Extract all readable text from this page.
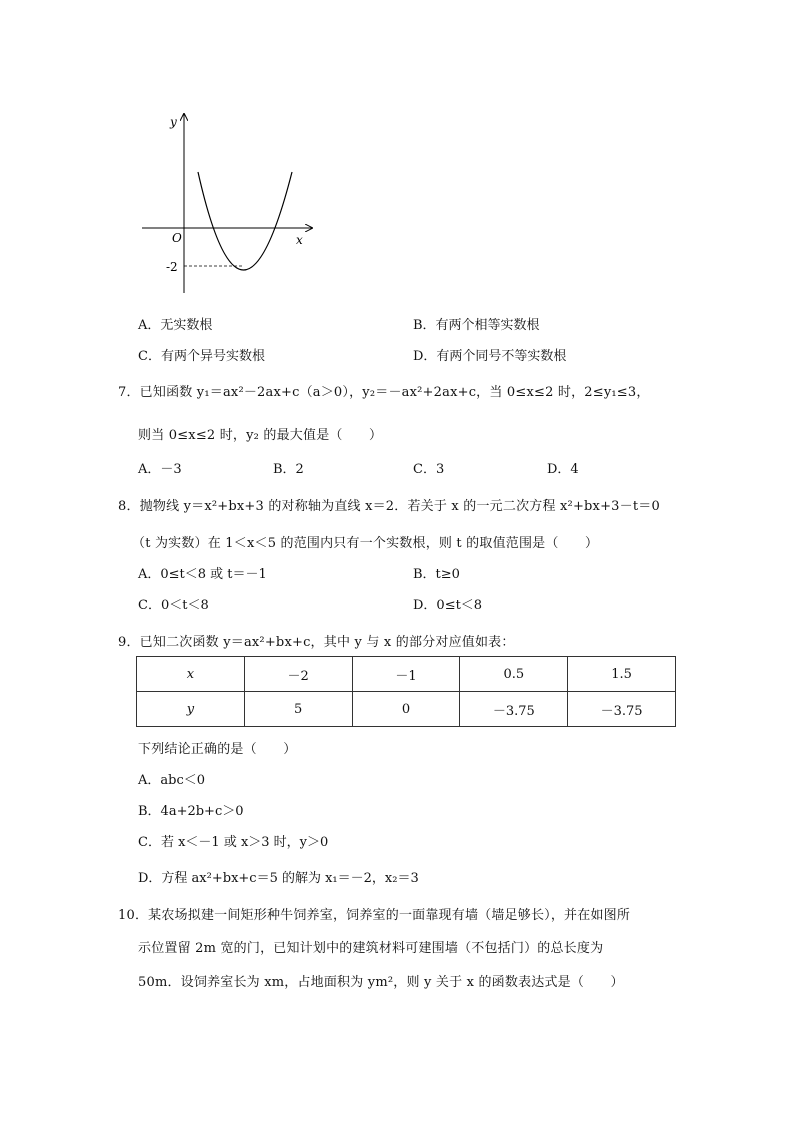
y
x
O
-2
A．无实数根	B．有两个相等实数根
C．有两个异号实数根	D．有两个同号不等实数根
7．已知函数 y₁＝ax²－2ax+c（a＞0），y₂＝－ax²+2ax+c，当 0≤x≤2 时，2≤y₁≤3，
则当 0≤x≤2 时，y₂ 的最大值是（　　）
A．－3	B．2	C．3	D．4
8．抛物线 y＝x²+bx+3 的对称轴为直线 x＝2．若关于 x 的一元二次方程 x²+bx+3－t＝0
（t 为实数）在 1＜x＜5 的范围内只有一个实数根，则 t 的取值范围是（　　）
A．0≤t＜8 或 t＝－1	B．t≥0
C．0＜t＜8	D．0≤t＜8
9．已知二次函数 y＝ax²+bx+c，其中 y 与 x 的部分对应值如表：
x	－2	－1	0.5	1.5
y	5	0	－3.75	－3.75
下列结论正确的是（　　）
A．abc＜0
B．4a+2b+c＞0
C．若 x＜－1 或 x＞3 时，y＞0
D．方程 ax²+bx+c＝5 的解为 x₁＝－2，x₂＝3
10．某农场拟建一间矩形种牛饲养室，饲养室的一面靠现有墙（墙足够长），并在如图所
示位置留 2m 宽的门，已知计划中的建筑材料可建围墙（不包括门）的总长度为
50m．设饲养室长为 xm，占地面积为 ym²，则 y 关于 x 的函数表达式是（　　）
